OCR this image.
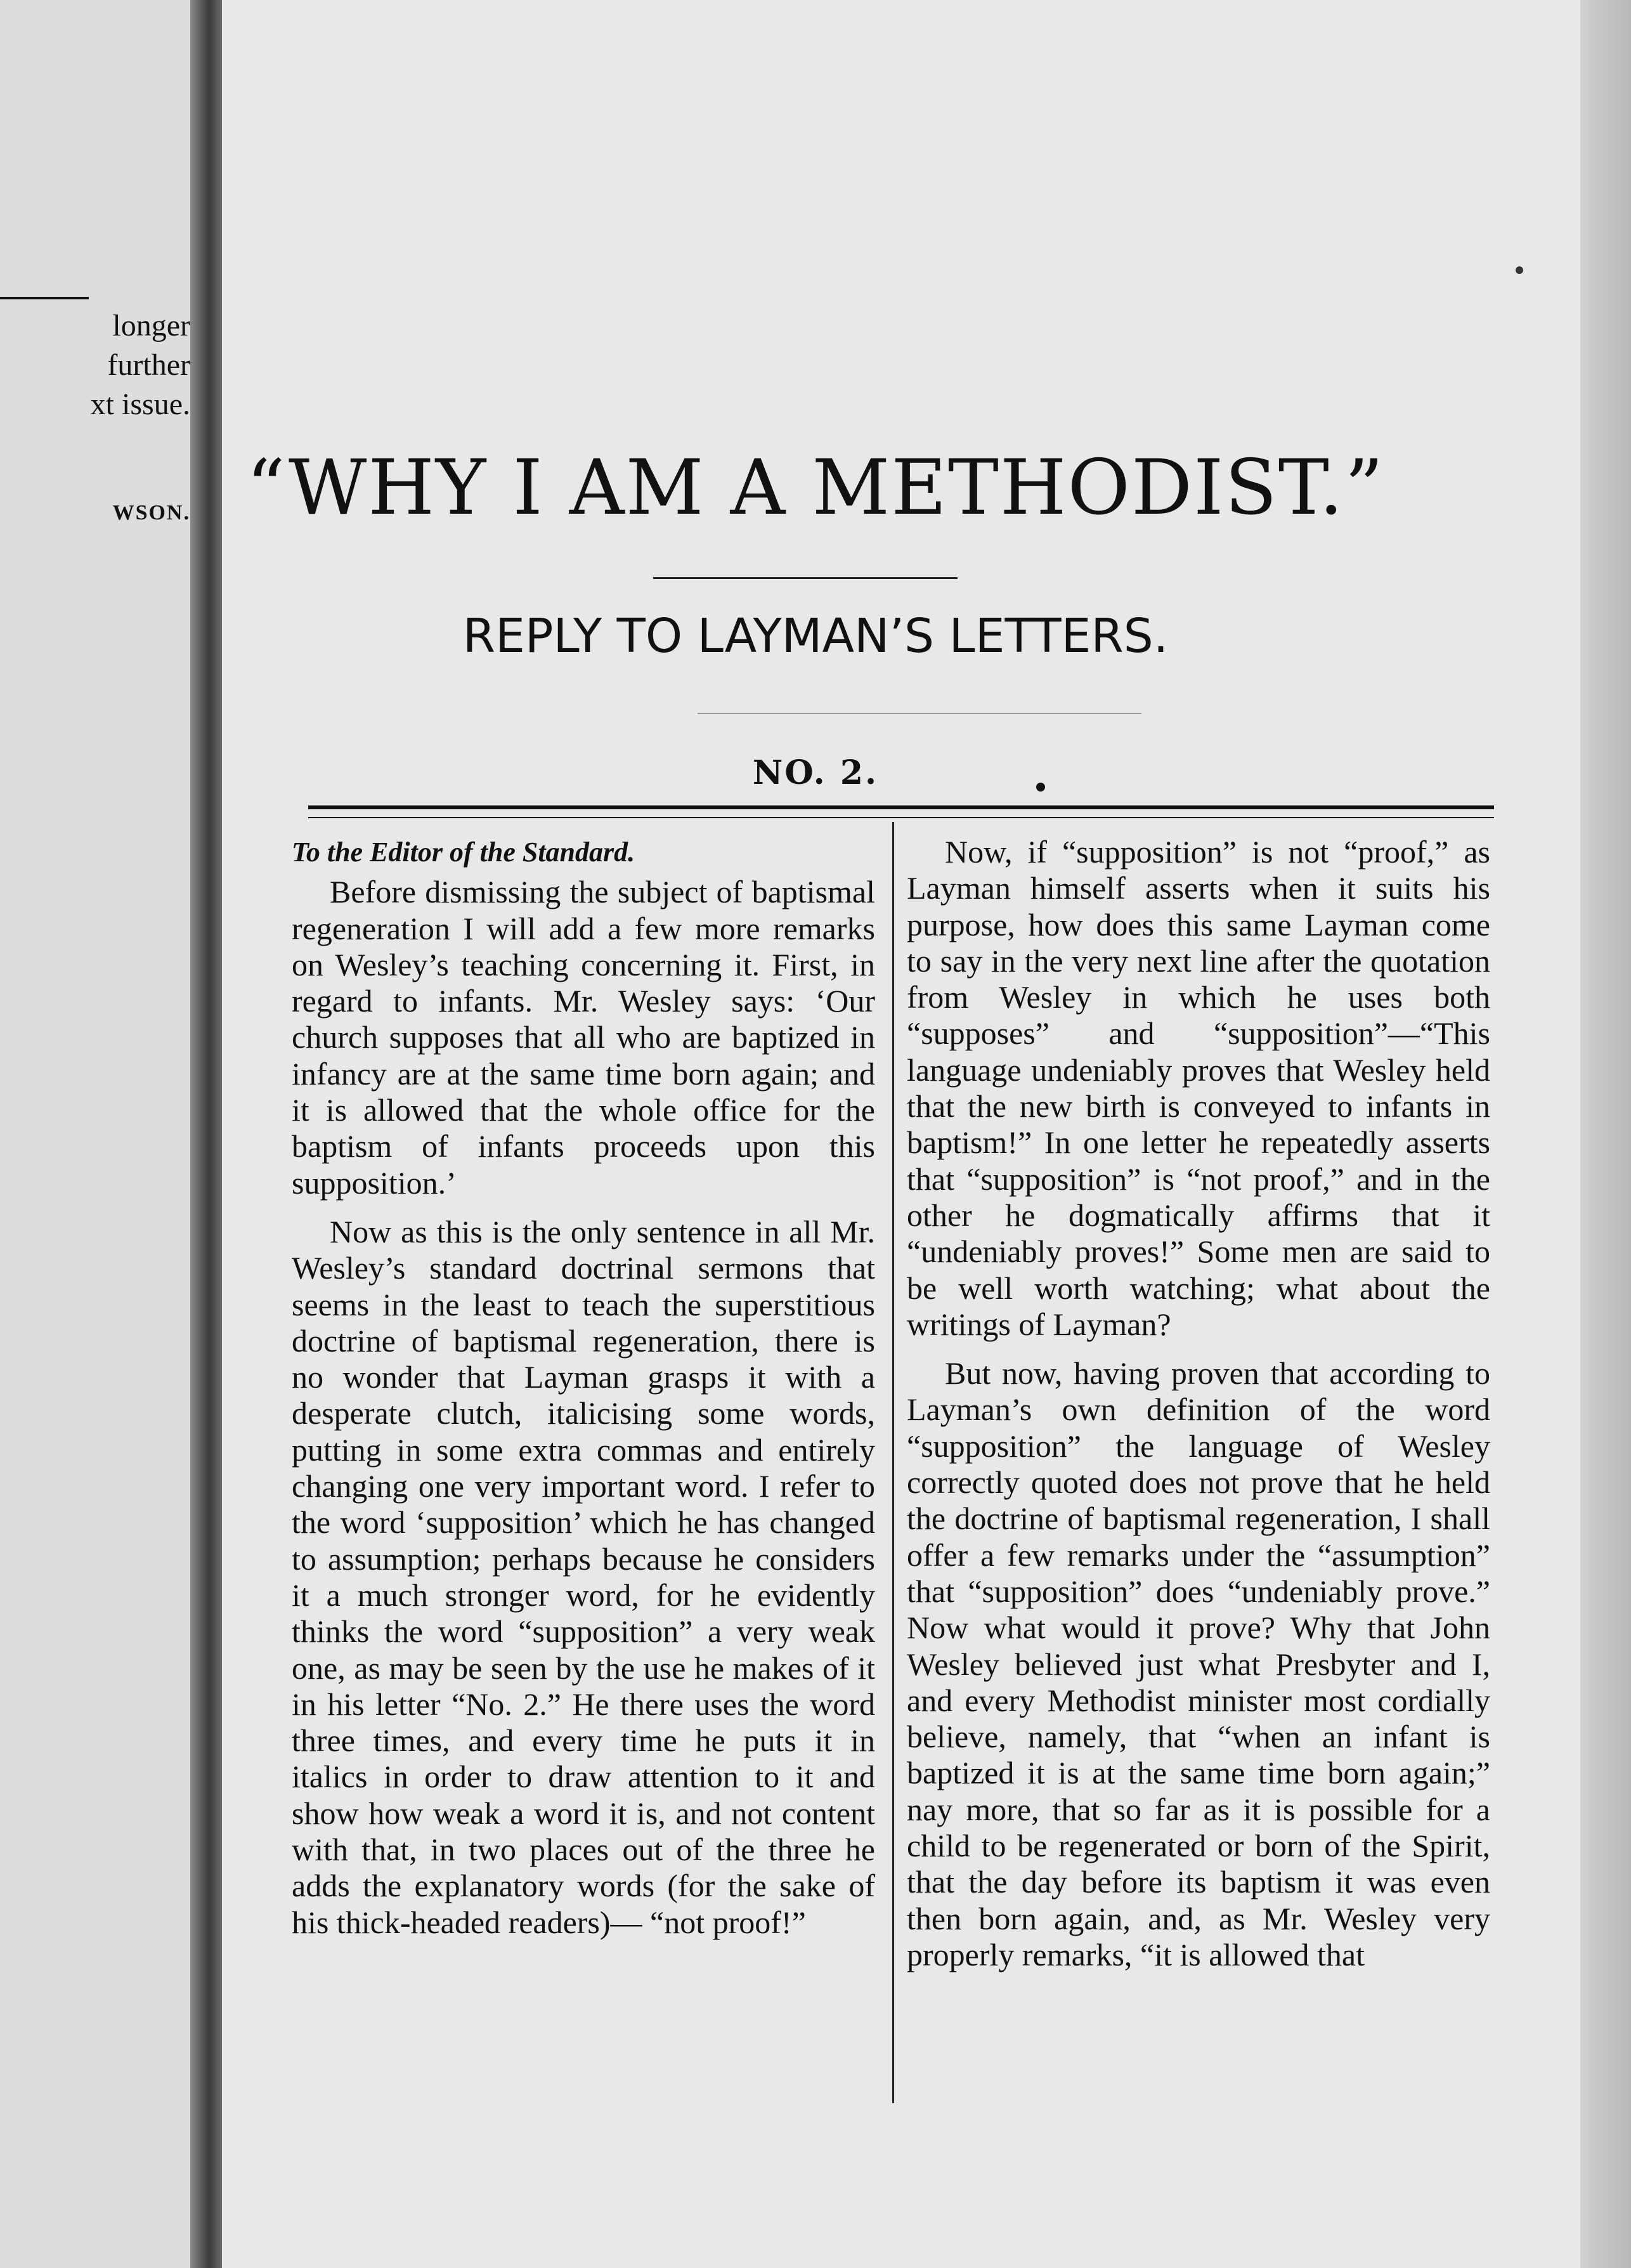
longer
further
xt issue.
WSON. “WHY I AM A METHODIST.”
REPLY TO LAYMAN’S LETTERS.
NO. 2.

To the Editor of the Standard.

Before dismissing the subject of baptismal regeneration I will add a few more remarks on Wesley’s teaching concerning it. First, in regard to infants. Mr. Wesley says: ‘Our church supposes that all who are baptized in infancy are at the same time born again; and it is allowed that the whole office for the baptism of infants proceeds upon this supposition.’

Now as this is the only sentence in all Mr. Wesley’s standard doctrinal sermons that seems in the least to teach the superstitious doctrine of baptismal regeneration, there is no wonder that Layman grasps it with a desperate clutch, italicising some words, putting in some extra commas and entirely changing one very important word. I refer to the word ‘supposition’ which he has changed to assumption; perhaps because he considers it a much stronger word, for he evidently thinks the word “supposition” a very weak one, as may be seen by the use he makes of it in his letter “No. 2.” He there uses the word three times, and every time he puts it in italics in order to draw attention to it and show how weak a word it is, and not content with that, in two places out of the three he adds the explanatory words (for the sake of his thick-headed readers)— “not proof!”

Now, if “supposition” is not “proof,” as Layman himself asserts when it suits his purpose, how does this same Layman come to say in the very next line after the quotation from Wesley in which he uses both “supposes” and “supposition”—“This language undeniably proves that Wesley held that the new birth is conveyed to infants in baptism!” In one letter he repeatedly asserts that “supposition” is “not proof,” and in the other he dogmatically affirms that it “undeniably proves!” Some men are said to be well worth watching; what about the writings of Layman?

But now, having proven that according to Layman’s own definition of the word “supposition” the language of Wesley correctly quoted does not prove that he held the doctrine of baptismal regeneration, I shall offer a few remarks under the “assumption” that “supposition” does “undeniably prove.” Now what would it prove? Why that John Wesley believed just what Presbyter and I, and every Methodist minister most cordially believe, namely, that “when an infant is baptized it is at the same time born again;” nay more, that so far as it is possible for a child to be regenerated or born of the Spirit, that the day before its baptism it was even then born again, and, as Mr. Wesley very properly remarks, “it is allowed that
